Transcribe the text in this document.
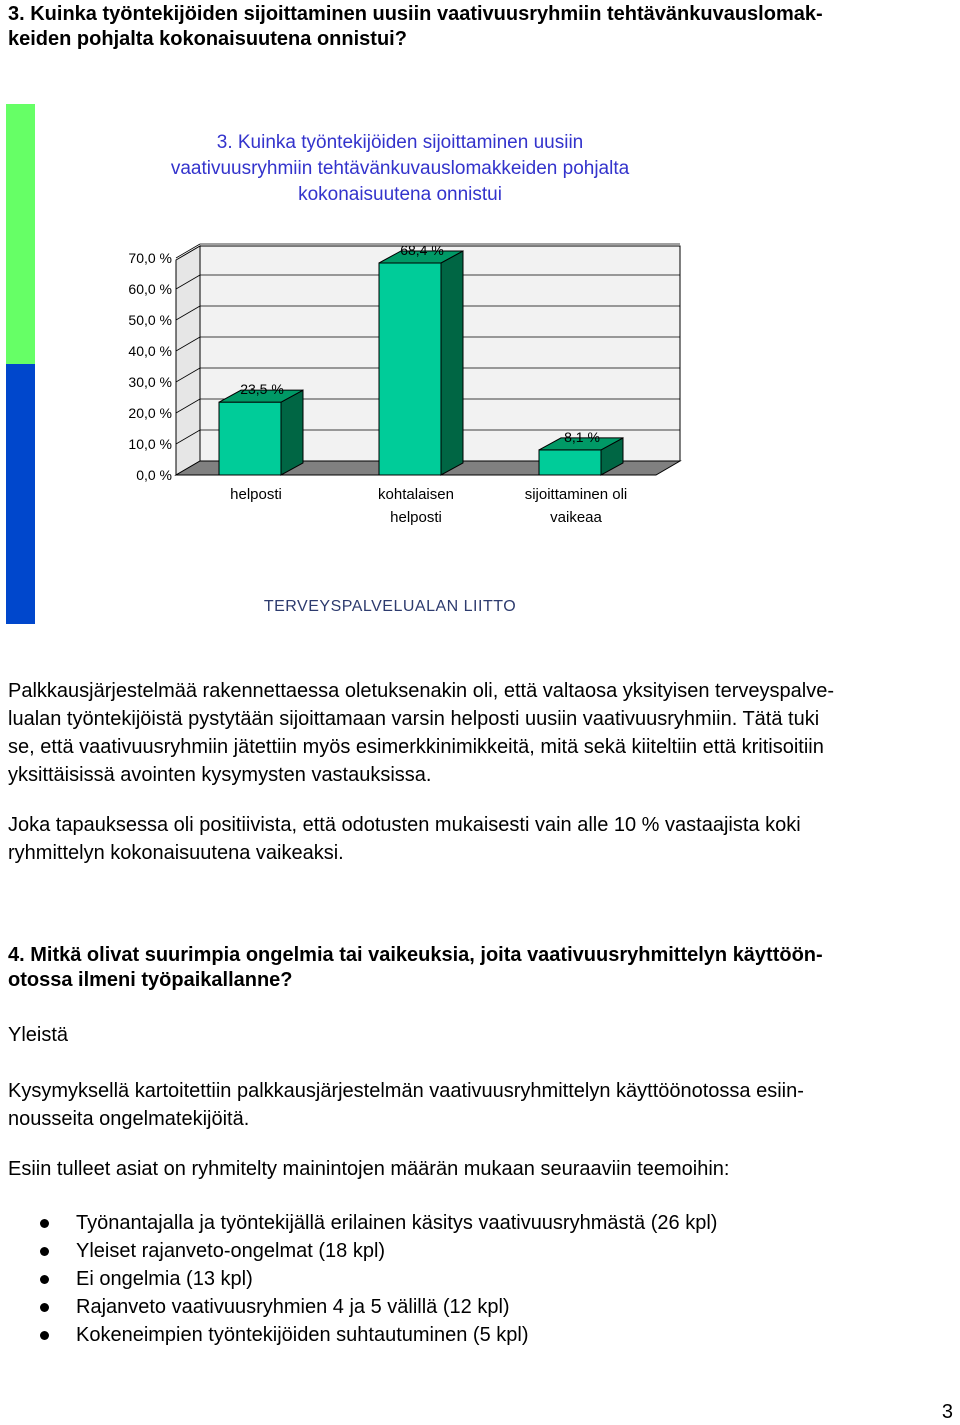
3. Kuinka työntekijöiden sijoittaminen uusiin vaativuusryhmiin tehtävänkuvauslomak-
keiden pohjalta kokonaisuutena onnistui?
0,0 %
10,0 %
20,0 %
30,0 %
40,0 %
50,0 %
60,0 %
70,0 %
23,5 %
helposti
68,4 %
kohtalaisen
helposti
8,1 %
sijoittaminen oli
vaikeaa
3. Kuinka työntekijöiden sijoittaminen uusiin
vaativuusryhmiin tehtävänkuvauslomakkeiden pohjalta
kokonaisuutena onnistui
TERVEYSPALVELUALAN LIITTO

Palkkausjärjestelmää rakennettaessa oletuksenakin oli, että valtaosa yksityisen terveyspalve-
lualan työntekijöistä pystytään sijoittamaan varsin helposti uusiin vaativuusryhmiin. Tätä tuki
se, että vaativuusryhmiin jätettiin myös esimerkkinimikkeitä, mitä sekä kiiteltiin että kritisoitiin
yksittäisissä avointen kysymysten vastauksissa.

Joka tapauksessa oli positiivista, että odotusten mukaisesti vain alle 10 % vastaajista koki
ryhmittelyn kokonaisuutena vaikeaksi.

4. Mitkä olivat suurimpia ongelmia tai vaikeuksia, joita vaativuusryhmittelyn käyttöön-
otossa ilmeni työpaikallanne?

Yleistä

Kysymyksellä kartoitettiin palkkausjärjestelmän vaativuusryhmittelyn käyttöönotossa esiin-
nousseita ongelmatekijöitä.

Esiin tulleet asiat on ryhmitelty mainintojen määrän mukaan seuraaviin teemoihin:

Työnantajalla ja työntekijällä erilainen käsitys vaativuusryhmästä (26 kpl)
Yleiset rajanveto-ongelmat (18 kpl)
Ei ongelmia (13 kpl)
Rajanveto vaativuusryhmien 4 ja 5 välillä (12 kpl)
Kokeneimpien työntekijöiden suhtautuminen (5 kpl)
3
